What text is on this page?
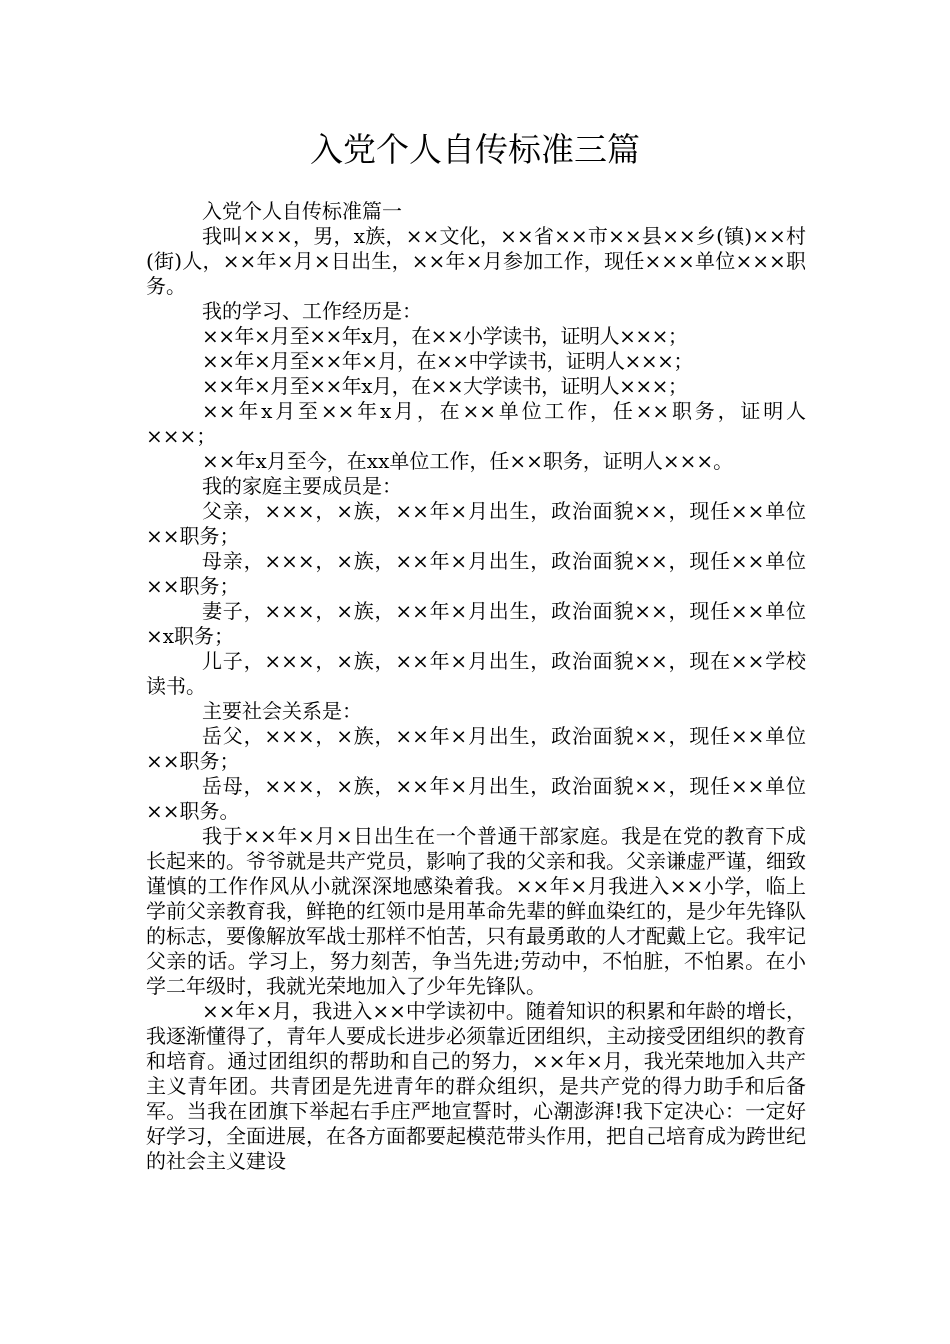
入党个人自传标准三篇

入党个人自传标准篇一

我叫×××，男，x族，××文化，××省××市××县××乡(镇)××村(街)人，××年×月×日出生，××年×月参加工作，现任×××单位×××职务。

我的学习、工作经历是：

××年×月至××年x月，在××小学读书，证明人×××；

××年×月至××年×月，在××中学读书，证明人×××；

××年×月至××年x月，在××大学读书，证明人×××；

××年x月至××年x月，在××单位工作，任××职务，证明人×××；

××年x月至今，在xx单位工作，任××职务，证明人×××。

我的家庭主要成员是：

父亲，×××，×族，××年×月出生，政治面貌××，现任××单位××职务；

母亲，×××，×族，××年×月出生，政治面貌××，现任××单位××职务；

妻子，×××，×族，××年×月出生，政治面貌××，现任××单位×x职务；

儿子，×××，×族，××年×月出生，政治面貌××，现在××学校读书。

主要社会关系是：

岳父，×××，×族，××年×月出生，政治面貌××，现任××单位××职务；

岳母，×××，×族，××年×月出生，政治面貌××，现任××单位××职务。

我于××年×月×日出生在一个普通干部家庭。我是在党的教育下成长起来的。爷爷就是共产党员，影响了我的父亲和我。父亲谦虚严谨，细致谨慎的工作作风从小就深深地感染着我。××年×月我进入××小学，临上学前父亲教育我，鲜艳的红领巾是用革命先辈的鲜血染红的，是少年先锋队的标志，要像解放军战士那样不怕苦，只有最勇敢的人才配戴上它。我牢记父亲的话。学习上，努力刻苦，争当先进;劳动中，不怕脏，不怕累。在小学二年级时，我就光荣地加入了少年先锋队。

××年×月，我进入××中学读初中。随着知识的积累和年龄的增长，我逐渐懂得了，青年人要成长进步必须靠近团组织，主动接受团组织的教育和培育。通过团组织的帮助和自己的努力，××年×月，我光荣地加入共产主义青年团。共青团是先进青年的群众组织，是共产党的得力助手和后备军。当我在团旗下举起右手庄严地宣誓时，心潮澎湃!我下定决心：一定好好学习，全面进展，在各方面都要起模范带头作用，把自己培育成为跨世纪的社会主义建设
